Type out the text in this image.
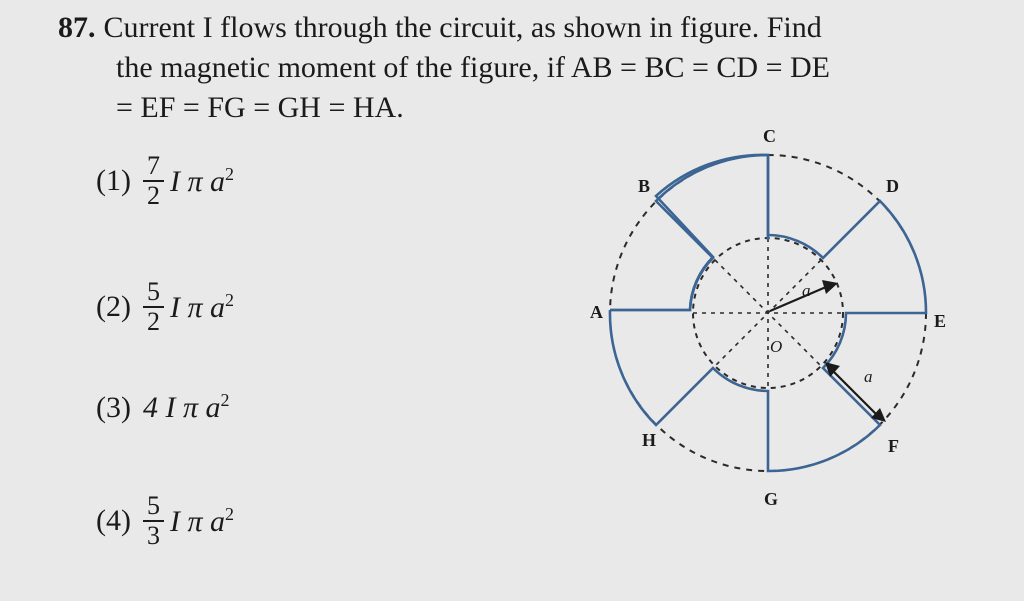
87. Current I flows through the circuit, as shown in figure. Find
the magnetic moment of the figure, if AB = BC = CD = DE
= EF = FG = GH = HA.
$(1) \frac{7}{2}$ I π $a^2$
$(2) \frac{5}{2}$ I π $a^2$
(3) 4 I π $a^2$
$(4) \frac{5}{3}$ I π $a^2$
C
B	D
A	E
H	F
G
O
a
a
